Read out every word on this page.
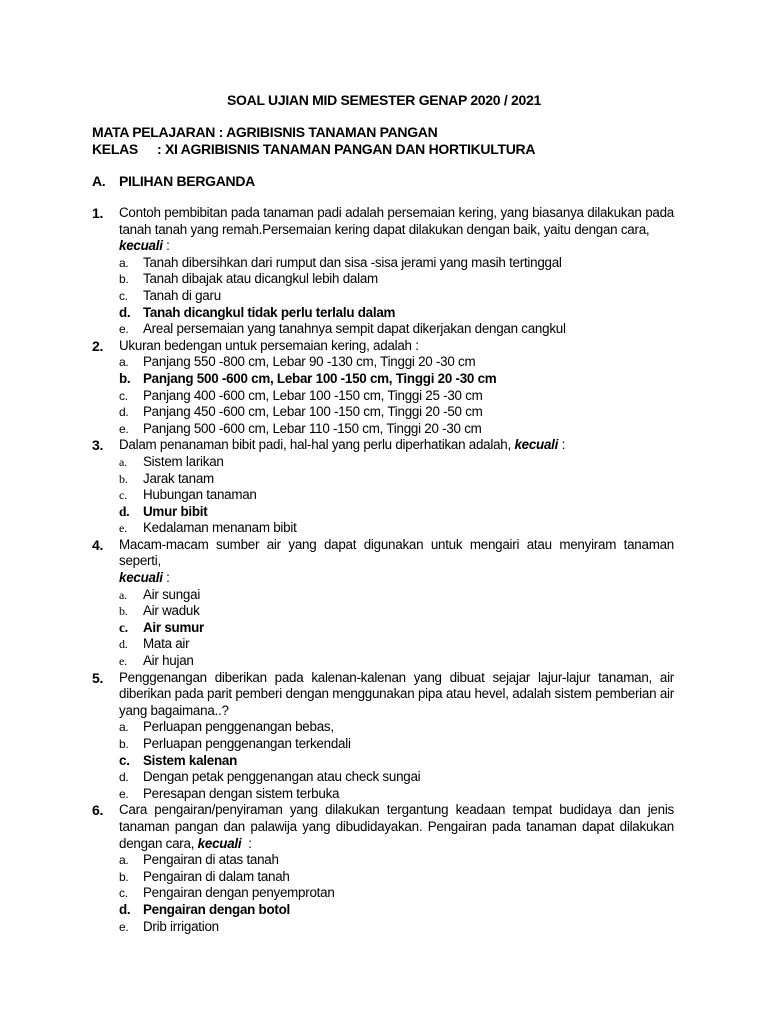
SOAL UJIAN MID SEMESTER GENAP 2020 / 2021
MATA PELAJARAN : AGRIBISNIS TANAMAN PANGAN
KELAS : XI AGRIBISNIS TANAMAN PANGAN DAN HORTIKULTURA
A. PILIHAN BERGANDA
1. Contoh pembibitan pada tanaman padi adalah persemaian kering, yang biasanya dilakukan pada tanah tanah yang remah.Persemaian kering dapat dilakukan dengan baik, yaitu dengan cara,
kecuali :
a. Tanah dibersihkan dari rumput dan sisa -sisa jerami yang masih tertinggal
b. Tanah dibajak atau dicangkul lebih dalam
c. Tanah di garu
d. Tanah dicangkul tidak perlu terlalu dalam
e. Areal persemaian yang tanahnya sempit dapat dikerjakan dengan cangkul
2. Ukuran bedengan untuk persemaian kering, adalah :
a. Panjang 550 -800 cm, Lebar 90 -130 cm, Tinggi 20 -30 cm
b. Panjang 500 -600 cm, Lebar 100 -150 cm, Tinggi 20 -30 cm
c. Panjang 400 -600 cm, Lebar 100 -150 cm, Tinggi 25 -30 cm
d. Panjang 450 -600 cm, Lebar 100 -150 cm, Tinggi 20 -50 cm
e. Panjang 500 -600 cm, Lebar 110 -150 cm, Tinggi 20 -30 cm
3. Dalam penanaman bibit padi, hal-hal yang perlu diperhatikan adalah, kecuali :
a. Sistem larikan
b. Jarak tanam
c. Hubungan tanaman
d. Umur bibit
e. Kedalaman menanam bibit
4. Macam-macam sumber air yang dapat digunakan untuk mengairi atau menyiram tanaman seperti,
kecuali :
a. Air sungai
b. Air waduk
c. Air sumur
d. Mata air
e. Air hujan
5. Penggenangan diberikan pada kalenan-kalenan yang dibuat sejajar lajur-lajur tanaman, air diberikan pada parit pemberi dengan menggunakan pipa atau hevel, adalah sistem pemberian air yang bagaimana..?
a. Perluapan penggenangan bebas,
b. Perluapan penggenangan terkendali
c. Sistem kalenan
d. Dengan petak penggenangan atau check sungai
e. Peresapan dengan sistem terbuka
6. Cara pengairan/penyiraman yang dilakukan tergantung keadaan tempat budidaya dan jenis tanaman pangan dan palawija yang dibudidayakan. Pengairan pada tanaman dapat dilakukan dengan cara, kecuali  :
a. Pengairan di atas tanah
b. Pengairan di dalam tanah
c. Pengairan dengan penyemprotan
d. Pengairan dengan botol
e. Drib irrigation
